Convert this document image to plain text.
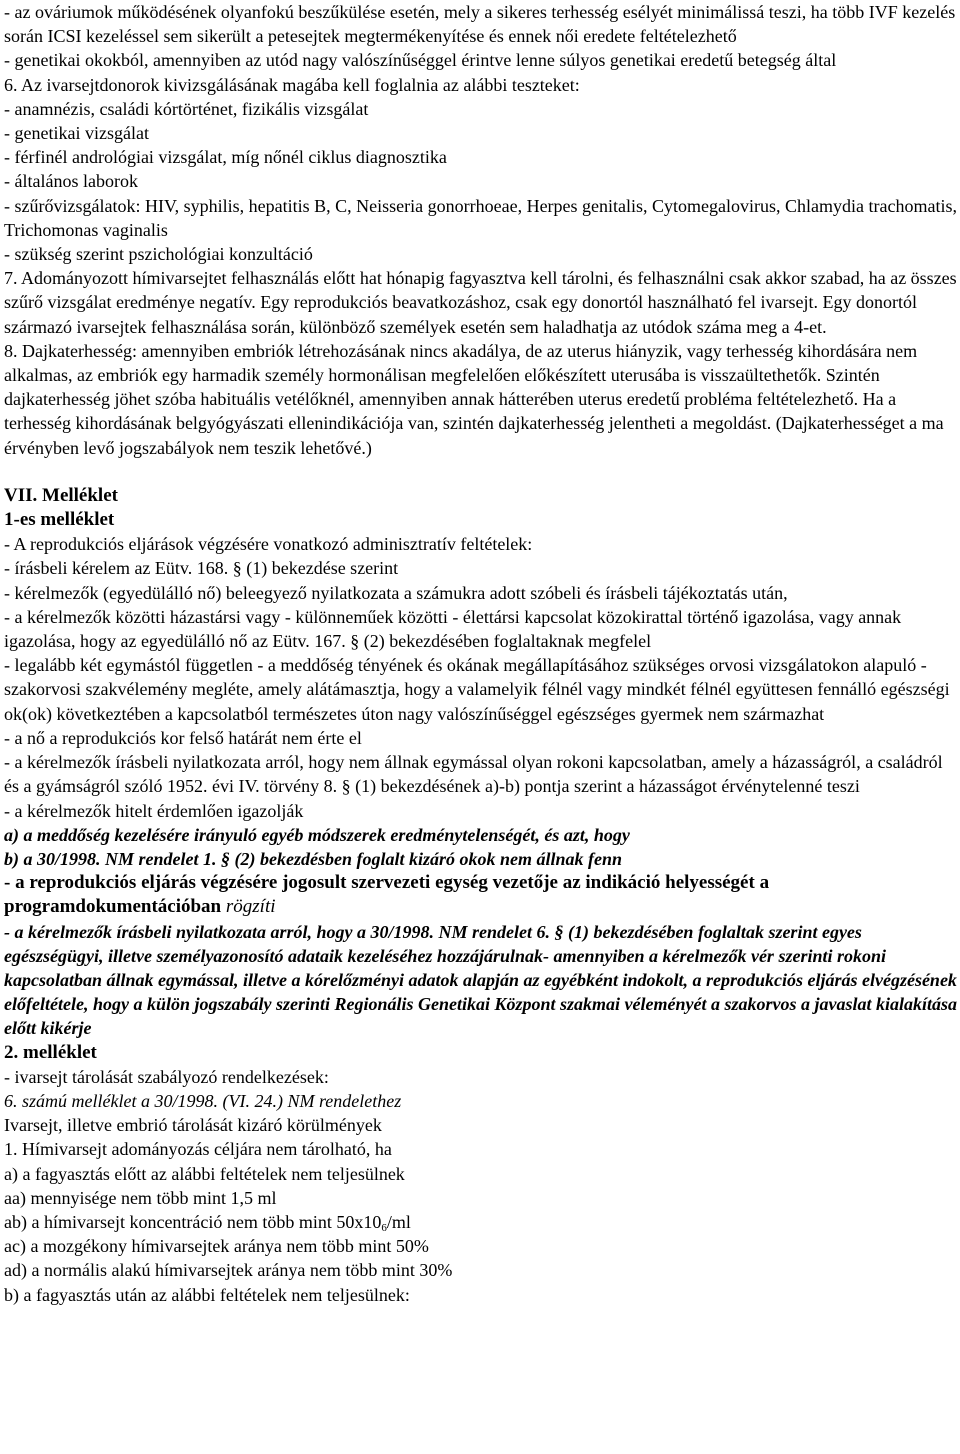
- az ováriumok működésének olyanfokú beszűkülése esetén, mely a sikeres terhesség esélyét minimálissá teszi, ha több IVF kezelés során ICSI kezeléssel sem sikerült a petesejtek megtermékenyítése és ennek női eredete feltételezhető

- genetikai okokból, amennyiben az utód nagy valószínűséggel érintve lenne súlyos genetikai eredetű betegség által

6. Az ivarsejtdonorok kivizsgálásának magába kell foglalnia az alábbi teszteket:

- anamnézis, családi kórtörténet, fizikális vizsgálat

- genetikai vizsgálat

- férfinél andrológiai vizsgálat, míg nőnél ciklus diagnosztika

- általános laborok

- szűrővizsgálatok: HIV, syphilis, hepatitis B, C, Neisseria gonorrhoeae, Herpes genitalis, Cytomegalovirus, Chlamydia trachomatis, Trichomonas vaginalis

- szükség szerint pszichológiai konzultáció

7. Adományozott hímivarsejtet felhasználás előtt hat hónapig fagyasztva kell tárolni, és felhasználni csak akkor szabad, ha az összes szűrő vizsgálat eredménye negatív. Egy reprodukciós beavatkozáshoz, csak egy donortól használható fel ivarsejt. Egy donortól származó ivarsejtek felhasználása során, különböző személyek esetén sem haladhatja az utódok száma meg a 4-et.

8. Dajkaterhesség: amennyiben embriók létrehozásának nincs akadálya, de az uterus hiányzik, vagy terhesség kihordására nem alkalmas, az embriók egy harmadik személy hormonálisan megfelelően előkészített uterusába is visszaültethetők. Szintén dajkaterhesség jöhet szóba habituális vetélőknél, amennyiben annak hátterében uterus eredetű probléma feltételezhető. Ha a terhesség kihordásának belgyógyászati ellenindikációja van, szintén dajkaterhesség jelentheti a megoldást. (Dajkaterhességet a ma érvényben levő jogszabályok nem teszik lehetővé.)

VII. Melléklet

1-es melléklet

- A reprodukciós eljárások végzésére vonatkozó adminisztratív feltételek:

- írásbeli kérelem az Eütv. 168. § (1) bekezdése szerint

- kérelmezők (egyedülálló nő) beleegyező nyilatkozata a számukra adott szóbeli és írásbeli tájékoztatás után,

- a kérelmezők közötti házastársi vagy - különneműek közötti - élettársi kapcsolat közokirattal történő igazolása, vagy annak igazolása, hogy az egyedülálló nő az Eütv. 167. § (2) bekezdésében foglaltaknak megfelel

- legalább két egymástól független - a meddőség tényének és okának megállapításához szükséges orvosi vizsgálatokon alapuló - szakorvosi szakvélemény megléte, amely alátámasztja, hogy a valamelyik félnél vagy mindkét félnél együttesen fennálló egészségi ok(ok) következtében a kapcsolatból természetes úton nagy valószínűséggel egészséges gyermek nem származhat

- a nő a reprodukciós kor felső határát nem érte el

- a kérelmezők írásbeli nyilatkozata arról, hogy nem állnak egymással olyan rokoni kapcsolatban, amely a házasságról, a családról és a gyámságról szóló 1952. évi IV. törvény 8. § (1) bekezdésének a)-b) pontja szerint a házasságot érvénytelenné teszi

- a kérelmezők hitelt érdemlően igazolják

a) a meddőség kezelésére irányuló egyéb módszerek eredménytelenségét, és azt, hogy

b) a 30/1998. NM rendelet 1. § (2) bekezdésben foglalt kizáró okok nem állnak fenn

- a reprodukciós eljárás végzésére jogosult szervezeti egység vezetője az indikáció helyességét a programdokumentációban rögzíti

- a kérelmezők írásbeli nyilatkozata arról, hogy a 30/1998. NM rendelet 6. § (1) bekezdésében foglaltak szerint egyes egészségügyi, illetve személyazonosító adataik kezeléséhez hozzájárulnak- amennyiben a kérelmezők vér szerinti rokoni kapcsolatban állnak egymással, illetve a kórelőzményi adatok alapján az egyébként indokolt, a reprodukciós eljárás elvégzésének előfeltétele, hogy a külön jogszabály szerinti Regionális Genetikai Központ szakmai véleményét a szakorvos a javaslat kialakítása előtt kikérje

2. melléklet

- ivarsejt tárolását szabályozó rendelkezések:

6. számú melléklet a 30/1998. (VI. 24.) NM rendelethez

Ivarsejt, illetve embrió tárolását kizáró körülmények

1. Hímivarsejt adományozás céljára nem tárolható, ha

a) a fagyasztás előtt az alábbi feltételek nem teljesülnek

aa) mennyisége nem több mint 1,5 ml

ab) a hímivarsejt koncentráció nem több mint $50x10_6/ml$

ac) a mozgékony hímivarsejtek aránya nem több mint 50%

ad) a normális alakú hímivarsejtek aránya nem több mint 30%

b) a fagyasztás után az alábbi feltételek nem teljesülnek:
